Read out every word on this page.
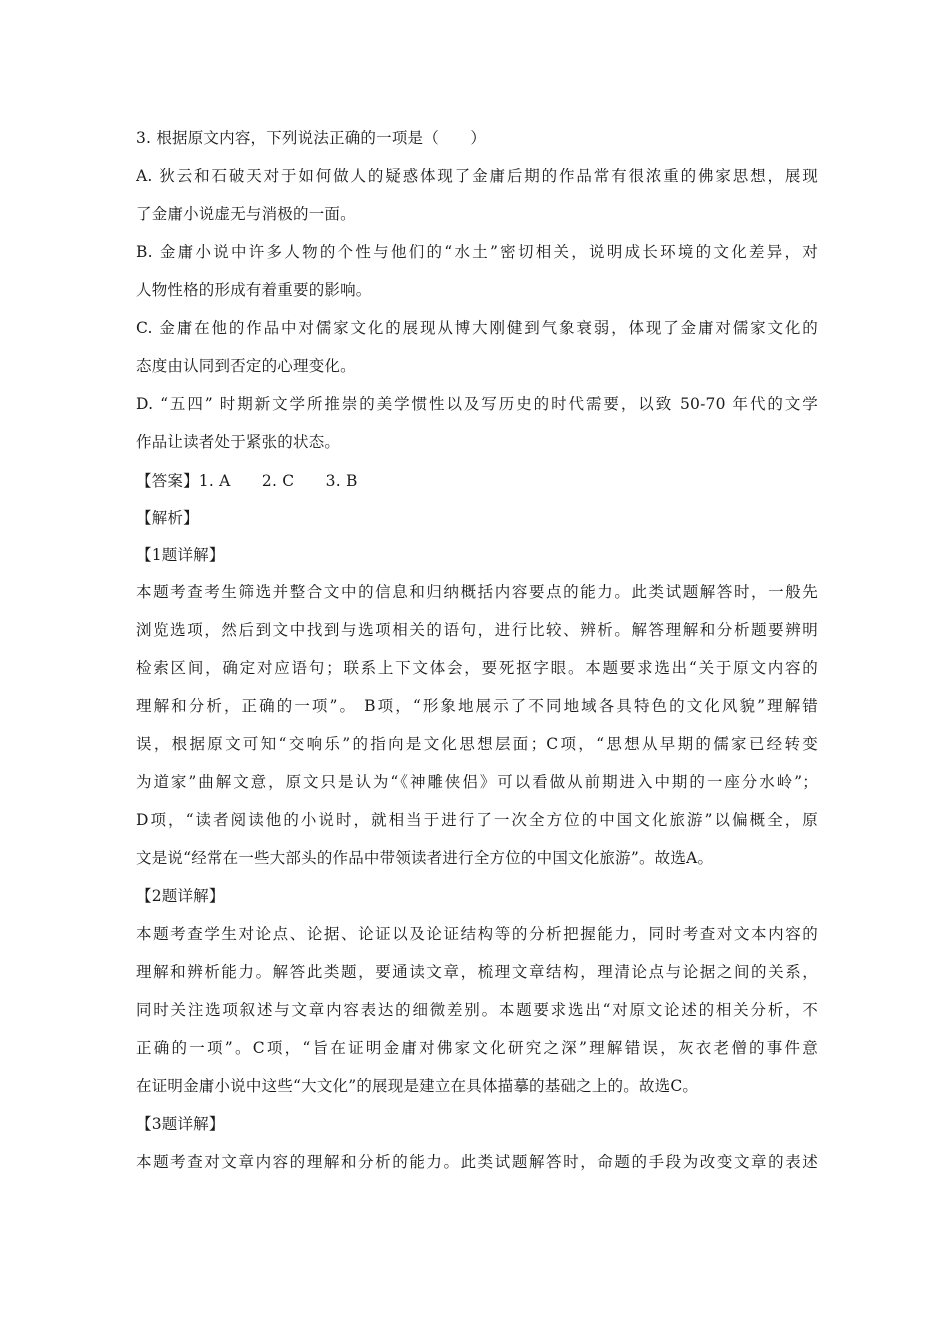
3. 根据原文内容，下列说法正确的一项是（　　）
A. 狄云和石破天对于如何做人的疑惑体现了金庸后期的作品常有很浓重的佛家思想，展现
了金庸小说虚无与消极的一面。
B. 金庸小说中许多人物的个性与他们的“水土”密切相关，说明成长环境的文化差异，对
人物性格的形成有着重要的影响。
C. 金庸在他的作品中对儒家文化的展现从博大刚健到气象衰弱，体现了金庸对儒家文化的
态度由认同到否定的心理变化。
D. “五四” 时期新文学所推崇的美学惯性以及写历史的时代需要，以致 50-70 年代的文学
作品让读者处于紧张的状态。
【答案】1. A　　2. C　　3. B
【解析】
【1题详解】
本题考查考生筛选并整合文中的信息和归纳概括内容要点的能力。此类试题解答时，一般先
浏览选项，然后到文中找到与选项相关的语句，进行比较、辨析。解答理解和分析题要辨明
检索区间，确定对应语句；联系上下文体会，要死抠字眼。本题要求选出“关于原文内容的
理解和分析，正确的一项”。 B项，“形象地展示了不同地域各具特色的文化风貌”理解错
误，根据原文可知“交响乐”的指向是文化思想层面；C项，“思想从早期的儒家已经转变
为道家”曲解文意，原文只是认为“《神雕侠侣》可以看做从前期进入中期的一座分水岭”；
D项，“读者阅读他的小说时，就相当于进行了一次全方位的中国文化旅游”以偏概全，原
文是说“经常在一些大部头的作品中带领读者进行全方位的中国文化旅游”。故选A。
【2题详解】
本题考查学生对论点、论据、论证以及论证结构等的分析把握能力，同时考查对文本内容的
理解和辨析能力。解答此类题，要通读文章，梳理文章结构，理清论点与论据之间的关系，
同时关注选项叙述与文章内容表达的细微差别。本题要求选出“对原文论述的相关分析，不
正确的一项”。C项，“旨在证明金庸对佛家文化研究之深”理解错误，灰衣老僧的事件意
在证明金庸小说中这些“大文化”的展现是建立在具体描摹的基础之上的。故选C。
【3题详解】
本题考查对文章内容的理解和分析的能力。此类试题解答时，命题的手段为改变文章的表述
